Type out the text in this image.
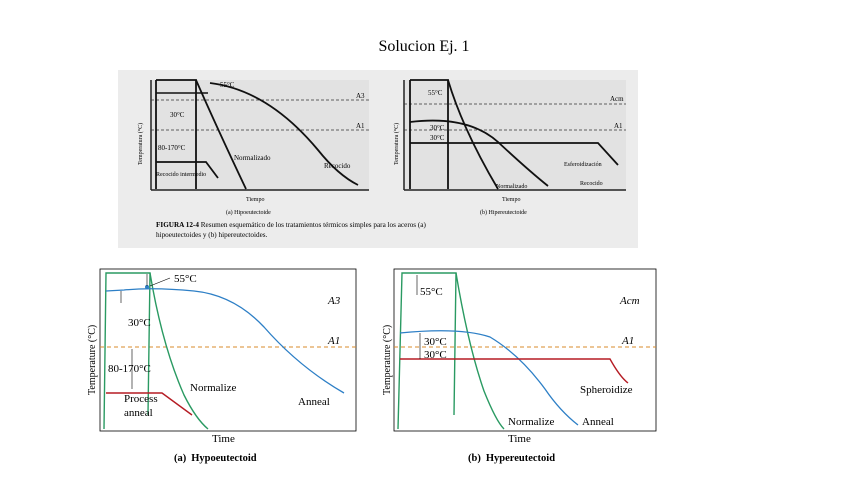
Solucion Ej. 1
55°C
A3
A1
30°C
80-170°C
Normalizado
Recocido
Recocido intermedio
Temperatura (°C)
Tiempo
(a) Hipoeutectoide
55°C
Acm
A1
30°C
30°C
Esferoidización
Normalizado	Recocido
Temperatura (°C)
Tiempo
(b) Hipereutectoide
FIGURA 12-4 Resumen esquemático de los tratamientos térmicos simples para los aceros (a)
hipoeutectoides y (b) hipereutectoides.
55°C
30°C
80-170°C
A3
A1
Normalize
Anneal
Process
anneal
Temperature (°C)
Time
(a) Hypoeutectoid
55°C
30°C
30°C
Acm
A1
Spheroidize
Normalize	Anneal
Temperature (°C)
Time
(b) Hypereutectoid
